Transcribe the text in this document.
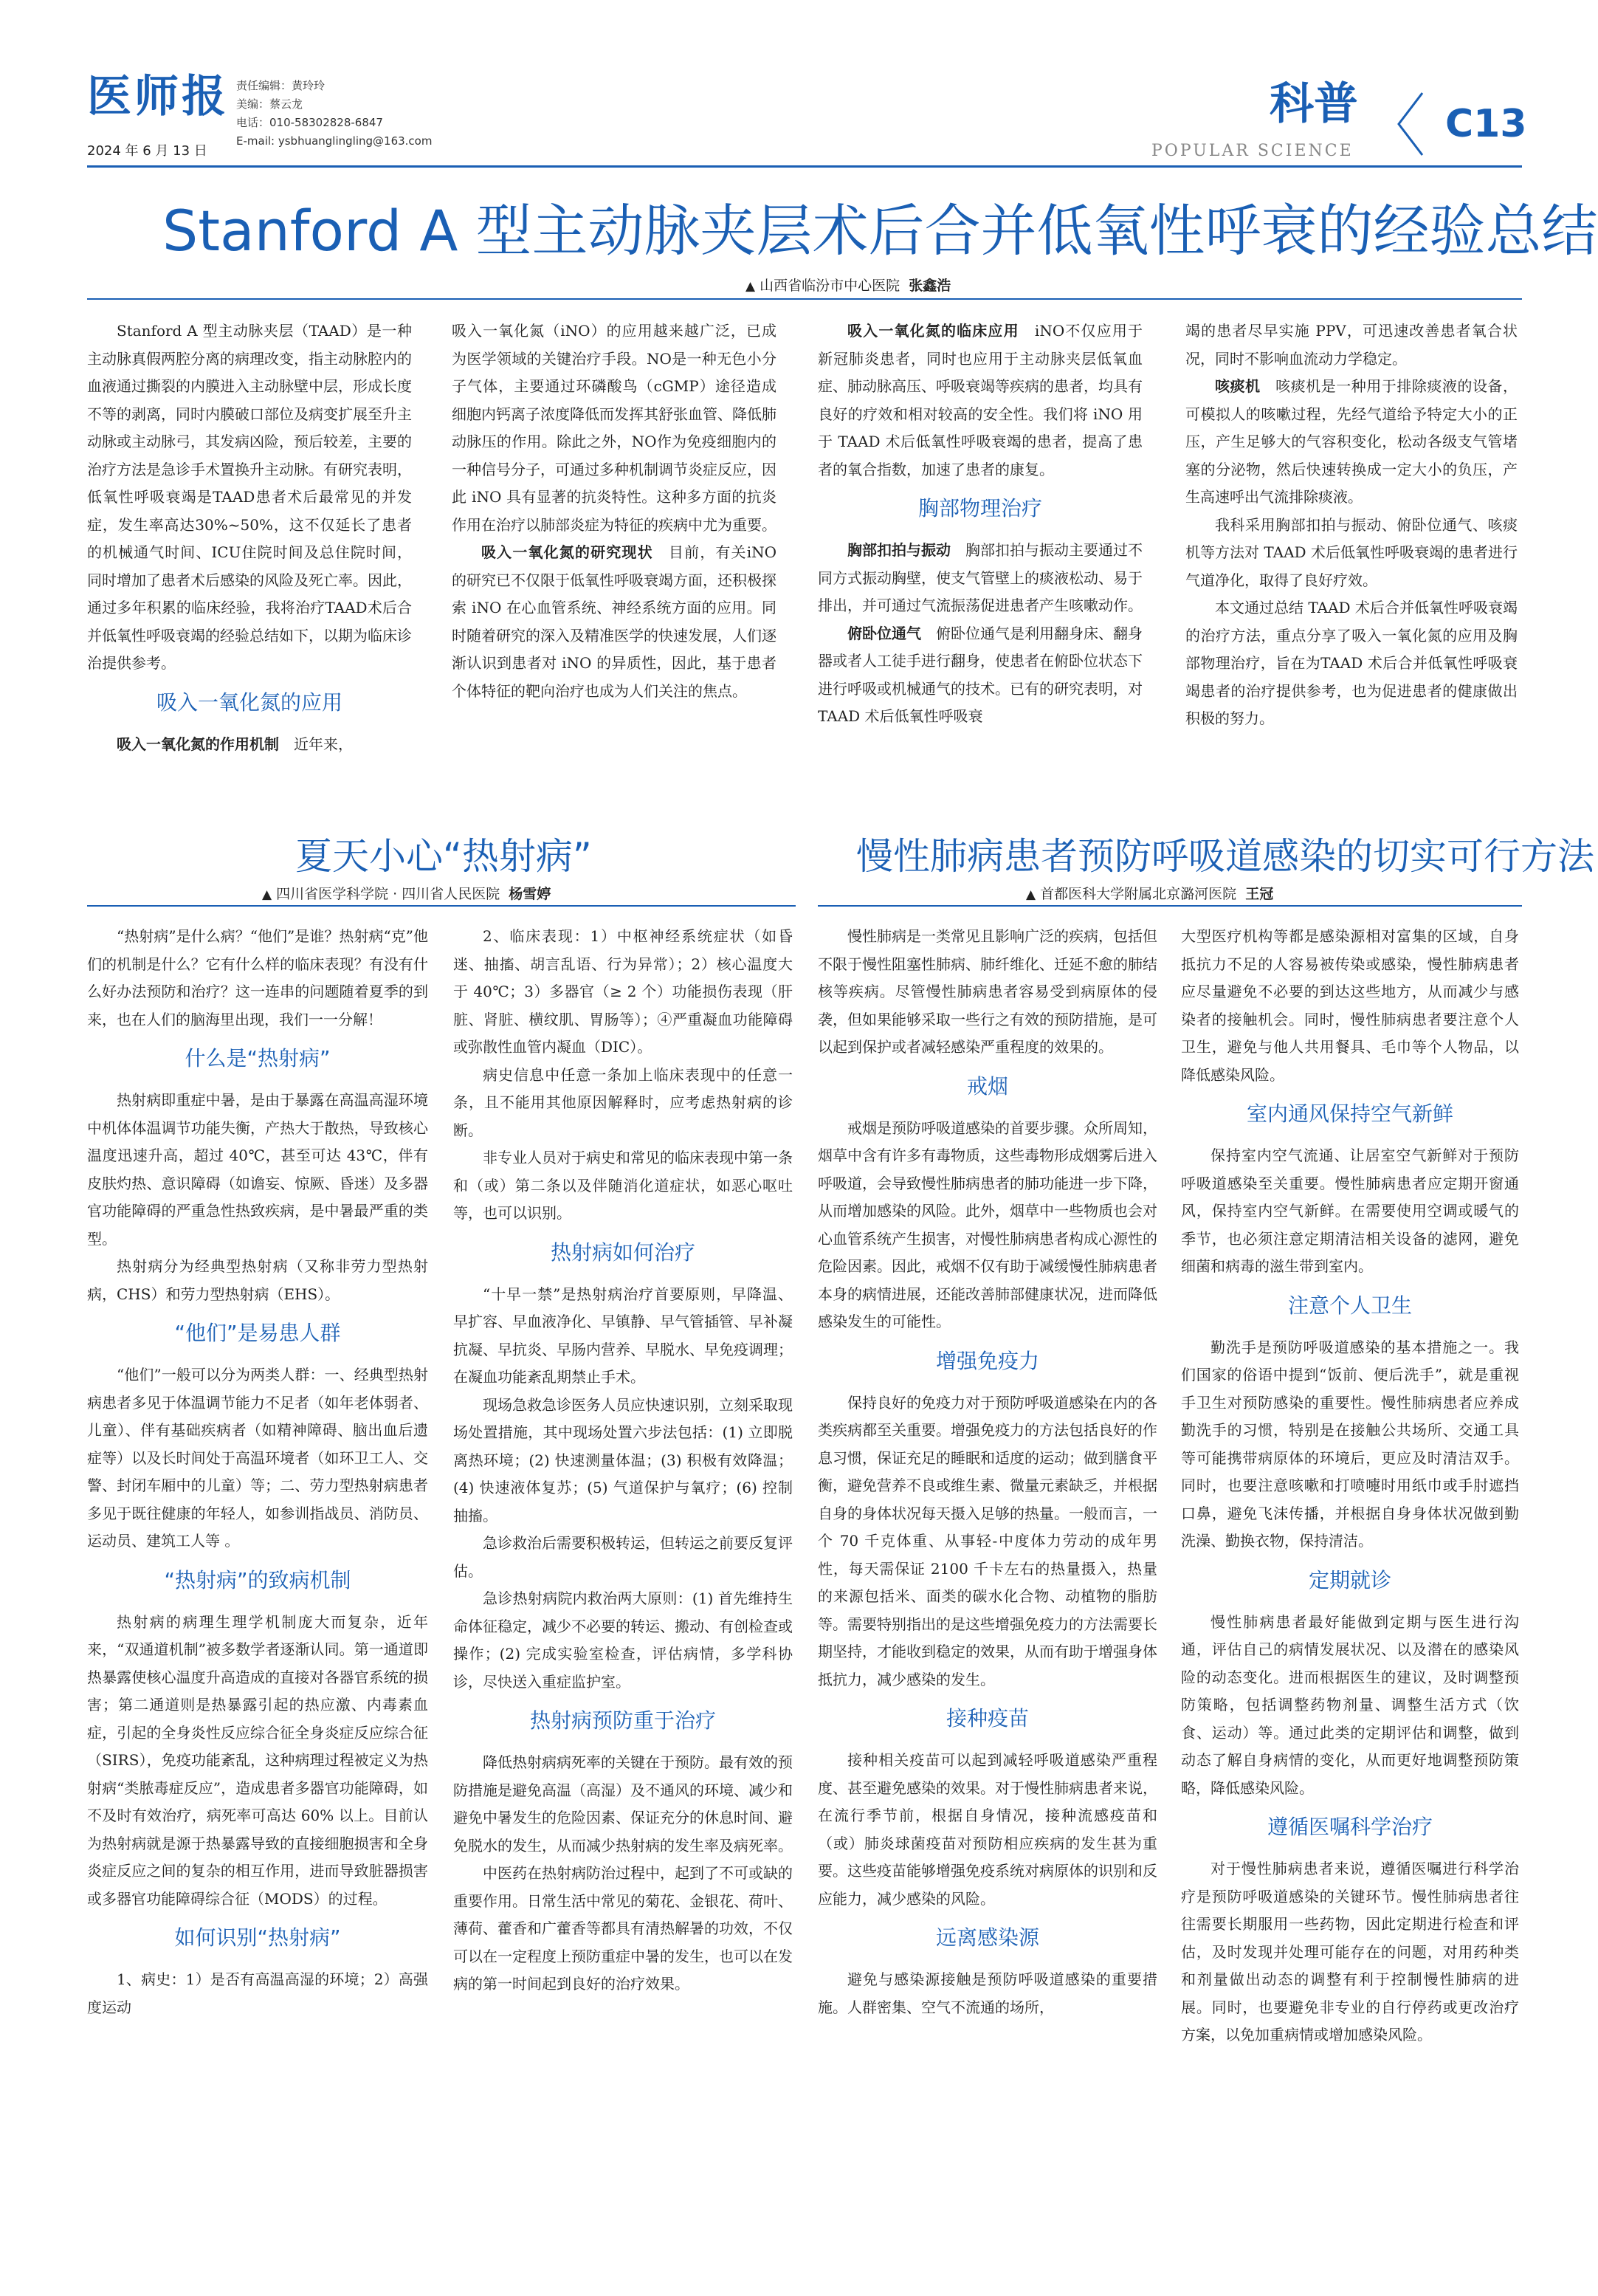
医师报
2024 年 6 月 13 日
责任编辑：黄玲玲
美编：蔡云龙
电话：010-58302828-6847
E-mail: ysbhuanglingling@163.com
科普
POPULAR SCIENCE
C13
Stanford A 型主动脉夹层术后合并低氧性呼衰的经验总结
▲ 山西省临汾市中心医院 张鑫浩

Stanford A 型主动脉夹层（TAAD）是一种主动脉真假两腔分离的病理改变，指主动脉腔内的血液通过撕裂的内膜进入主动脉壁中层，形成长度不等的剥离，同时内膜破口部位及病变扩展至升主动脉或主动脉弓，其发病凶险，预后较差，主要的治疗方法是急诊手术置换升主动脉。有研究表明，低氧性呼吸衰竭是TAAD患者术后最常见的并发症，发生率高达30%~50%，这不仅延长了患者的机械通气时间、ICU住院时间及总住院时间，同时增加了患者术后感染的风险及死亡率。因此，通过多年积累的临床经验，我将治疗TAAD术后合并低氧性呼吸衰竭的经验总结如下，以期为临床诊治提供参考。

吸入一氧化氮的应用

吸入一氧化氮的作用机制　 近年来，

吸入一氧化氮（iNO）的应用越来越广泛，已成为医学领域的关键治疗手段。NO是一种无色小分子气体，主要通过环磷酸鸟（cGMP）途径造成细胞内钙离子浓度降低而发挥其舒张血管、降低肺动脉压的作用。除此之外，NO作为免疫细胞内的一种信号分子，可通过多种机制调节炎症反应，因此 iNO 具有显著的抗炎特性。这种多方面的抗炎作用在治疗以肺部炎症为特征的疾病中尤为重要。

吸入一氧化氮的研究现状　 目前，有关iNO的研究已不仅限于低氧性呼吸衰竭方面，还积极探索 iNO 在心血管系统、神经系统方面的应用。同时随着研究的深入及精准医学的快速发展，人们逐渐认识到患者对 iNO 的异质性，因此，基于患者个体特征的靶向治疗也成为人们关注的焦点。

吸入一氧化氮的临床应用　 iNO不仅应用于新冠肺炎患者，同时也应用于主动脉夹层低氧血症、肺动脉高压、呼吸衰竭等疾病的患者，均具有良好的疗效和相对较高的安全性。我们将 iNO 用于 TAAD 术后低氧性呼吸衰竭的患者，提高了患者的氧合指数，加速了患者的康复。

胸部物理治疗

胸部扣拍与振动　 胸部扣拍与振动主要通过不同方式振动胸壁，使支气管壁上的痰液松动、易于排出，并可通过气流振荡促进患者产生咳嗽动作。

俯卧位通气　 俯卧位通气是利用翻身床、翻身器或者人工徒手进行翻身，使患者在俯卧位状态下进行呼吸或机械通气的技术。已有的研究表明，对 TAAD 术后低氧性呼吸衰

竭的患者尽早实施 PPV，可迅速改善患者氧合状况，同时不影响血流动力学稳定。

咳痰机　 咳痰机是一种用于排除痰液的设备，可模拟人的咳嗽过程，先经气道给予特定大小的正压，产生足够大的气容积变化，松动各级支气管堵塞的分泌物，然后快速转换成一定大小的负压，产生高速呼出气流排除痰液。

我科采用胸部扣拍与振动、俯卧位通气、咳痰机等方法对 TAAD 术后低氧性呼吸衰竭的患者进行气道净化，取得了良好疗效。

本文通过总结 TAAD 术后合并低氧性呼吸衰竭的治疗方法，重点分享了吸入一氧化氮的应用及胸部物理治疗，旨在为TAAD 术后合并低氧性呼吸衰竭患者的治疗提供参考，也为促进患者的健康做出积极的努力。

夏天小心“热射病”
▲ 四川省医学科学院 · 四川省人民医院 杨雪婷

“热射病”是什么病？“他们”是谁？热射病“克”他们的机制是什么？它有什么样的临床表现？有没有什么好办法预防和治疗？这一连串的问题随着夏季的到来，也在人们的脑海里出现，我们一一分解！

什么是“热射病”

热射病即重症中暑，是由于暴露在高温高湿环境中机体体温调节功能失衡，产热大于散热，导致核心温度迅速升高，超过 40℃，甚至可达 43℃，伴有皮肤灼热、意识障碍（如谵妄、惊厥、昏迷）及多器官功能障碍的严重急性热致疾病，是中暑最严重的类型。

热射病分为经典型热射病（又称非劳力型热射病，CHS）和劳力型热射病（EHS）。

“他们”是易患人群

“他们”一般可以分为两类人群：一、经典型热射病患者多见于体温调节能力不足者（如年老体弱者、儿童）、伴有基础疾病者（如精神障碍、脑出血后遗症等）以及长时间处于高温环境者（如环卫工人、交警、封闭车厢中的儿童）等；二、劳力型热射病患者多见于既往健康的年轻人，如参训指战员、消防员、运动员、建筑工人等 。

“热射病”的致病机制

热射病的病理生理学机制庞大而复杂，近年来，“双通道机制”被多数学者逐渐认同。第一通道即热暴露使核心温度升高造成的直接对各器官系统的损害；第二通道则是热暴露引起的热应激、内毒素血症，引起的全身炎性反应综合征全身炎症反应综合征（SIRS），免疫功能紊乱，这种病理过程被定义为热射病“类脓毒症反应”，造成患者多器官功能障碍，如不及时有效治疗，病死率可高达 60% 以上。目前认为热射病就是源于热暴露导致的直接细胞损害和全身炎症反应之间的复杂的相互作用，进而导致脏器损害或多器官功能障碍综合征（MODS）的过程。

如何识别“热射病”

1、病史：1）是否有高温高湿的环境；2）高强度运动

2、临床表现：1）中枢神经系统症状（如昏迷、抽搐、胡言乱语、行为异常）；2）核心温度大于 40℃；3）多器官（≥ 2 个）功能损伤表现（肝脏、肾脏、横纹肌、胃肠等）；④严重凝血功能障碍或弥散性血管内凝血（DIC）。

病史信息中任意一条加上临床表现中的任意一条，且不能用其他原因解释时，应考虑热射病的诊断。

非专业人员对于病史和常见的临床表现中第一条和（或）第二条以及伴随消化道症状，如恶心呕吐等，也可以识别。

热射病如何治疗

“十早一禁”是热射病治疗首要原则，早降温、早扩容、早血液净化、早镇静、早气管插管、早补凝抗凝、早抗炎、早肠内营养、早脱水、早免疫调理；在凝血功能紊乱期禁止手术。

现场急救急诊医务人员应快速识别，立刻采取现场处置措施，其中现场处置六步法包括：(1) 立即脱离热环境；(2) 快速测量体温；(3) 积极有效降温；(4) 快速液体复苏；(5) 气道保护与氧疗；(6) 控制抽搐。

急诊救治后需要积极转运，但转运之前要反复评估。

急诊热射病院内救治两大原则：(1) 首先维持生命体征稳定，减少不必要的转运、搬动、有创检查或操作；(2) 完成实验室检查，评估病情，多学科协诊，尽快送入重症监护室。

热射病预防重于治疗

降低热射病病死率的关键在于预防。最有效的预防措施是避免高温（高湿）及不通风的环境、减少和避免中暑发生的危险因素、保证充分的休息时间、避免脱水的发生，从而减少热射病的发生率及病死率。

中医药在热射病防治过程中，起到了不可或缺的重要作用。日常生活中常见的菊花、金银花、荷叶、薄荷、藿香和广藿香等都具有清热解暑的功效，不仅可以在一定程度上预防重症中暑的发生，也可以在发病的第一时间起到良好的治疗效果。

慢性肺病患者预防呼吸道感染的切实可行方法
▲ 首都医科大学附属北京潞河医院 王冠

慢性肺病是一类常见且影响广泛的疾病，包括但不限于慢性阻塞性肺病、肺纤维化、迁延不愈的肺结核等疾病。尽管慢性肺病患者容易受到病原体的侵袭，但如果能够采取一些行之有效的预防措施，是可以起到保护或者减轻感染严重程度的效果的。

戒烟

戒烟是预防呼吸道感染的首要步骤。众所周知，烟草中含有许多有毒物质，这些毒物形成烟雾后进入呼吸道，会导致慢性肺病患者的肺功能进一步下降，从而增加感染的风险。此外，烟草中一些物质也会对心血管系统产生损害，对慢性肺病患者构成心源性的危险因素。因此，戒烟不仅有助于减缓慢性肺病患者本身的病情进展，还能改善肺部健康状况，进而降低感染发生的可能性。

增强免疫力

保持良好的免疫力对于预防呼吸道感染在内的各类疾病都至关重要。增强免疫力的方法包括良好的作息习惯，保证充足的睡眠和适度的运动；做到膳食平衡，避免营养不良或维生素、微量元素缺乏，并根据自身的身体状况每天摄入足够的热量。一般而言，一个 70 千克体重、从事轻-中度体力劳动的成年男性，每天需保证 2100 千卡左右的热量摄入，热量的来源包括米、面类的碳水化合物、动植物的脂肪等。需要特别指出的是这些增强免疫力的方法需要长期坚持，才能收到稳定的效果，从而有助于增强身体抵抗力，减少感染的发生。

接种疫苗

接种相关疫苗可以起到减轻呼吸道感染严重程度、甚至避免感染的效果。对于慢性肺病患者来说，在流行季节前，根据自身情况，接种流感疫苗和（或）肺炎球菌疫苗对预防相应疾病的发生甚为重要。这些疫苗能够增强免疫系统对病原体的识别和反应能力，减少感染的风险。

远离感染源

避免与感染源接触是预防呼吸道感染的重要措施。人群密集、空气不流通的场所，

大型医疗机构等都是感染源相对富集的区域，自身抵抗力不足的人容易被传染或感染，慢性肺病患者应尽量避免不必要的到达这些地方，从而减少与感染者的接触机会。同时，慢性肺病患者要注意个人卫生，避免与他人共用餐具、毛巾等个人物品，以降低感染风险。

室内通风保持空气新鲜

保持室内空气流通、让居室空气新鲜对于预防呼吸道感染至关重要。慢性肺病患者应定期开窗通风，保持室内空气新鲜。在需要使用空调或暖气的季节，也必须注意定期清洁相关设备的滤网，避免细菌和病毒的滋生带到室内。

注意个人卫生

勤洗手是预防呼吸道感染的基本措施之一。我们国家的俗语中提到“饭前、便后洗手”，就是重视手卫生对预防感染的重要性。慢性肺病患者应养成勤洗手的习惯，特别是在接触公共场所、交通工具等可能携带病原体的环境后，更应及时清洁双手。同时，也要注意咳嗽和打喷嚏时用纸巾或手肘遮挡口鼻，避免飞沫传播，并根据自身身体状况做到勤洗澡、勤换衣物，保持清洁。

定期就诊

慢性肺病患者最好能做到定期与医生进行沟通，评估自己的病情发展状况、以及潜在的感染风险的动态变化。进而根据医生的建议，及时调整预防策略，包括调整药物剂量、调整生活方式（饮食、运动）等。通过此类的定期评估和调整，做到动态了解自身病情的变化，从而更好地调整预防策略，降低感染风险。

遵循医嘱科学治疗

对于慢性肺病患者来说，遵循医嘱进行科学治疗是预防呼吸道感染的关键环节。慢性肺病患者往往需要长期服用一些药物，因此定期进行检查和评估，及时发现并处理可能存在的问题，对用药种类和剂量做出动态的调整有利于控制慢性肺病的进展。同时，也要避免非专业的自行停药或更改治疗方案，以免加重病情或增加感染风险。
